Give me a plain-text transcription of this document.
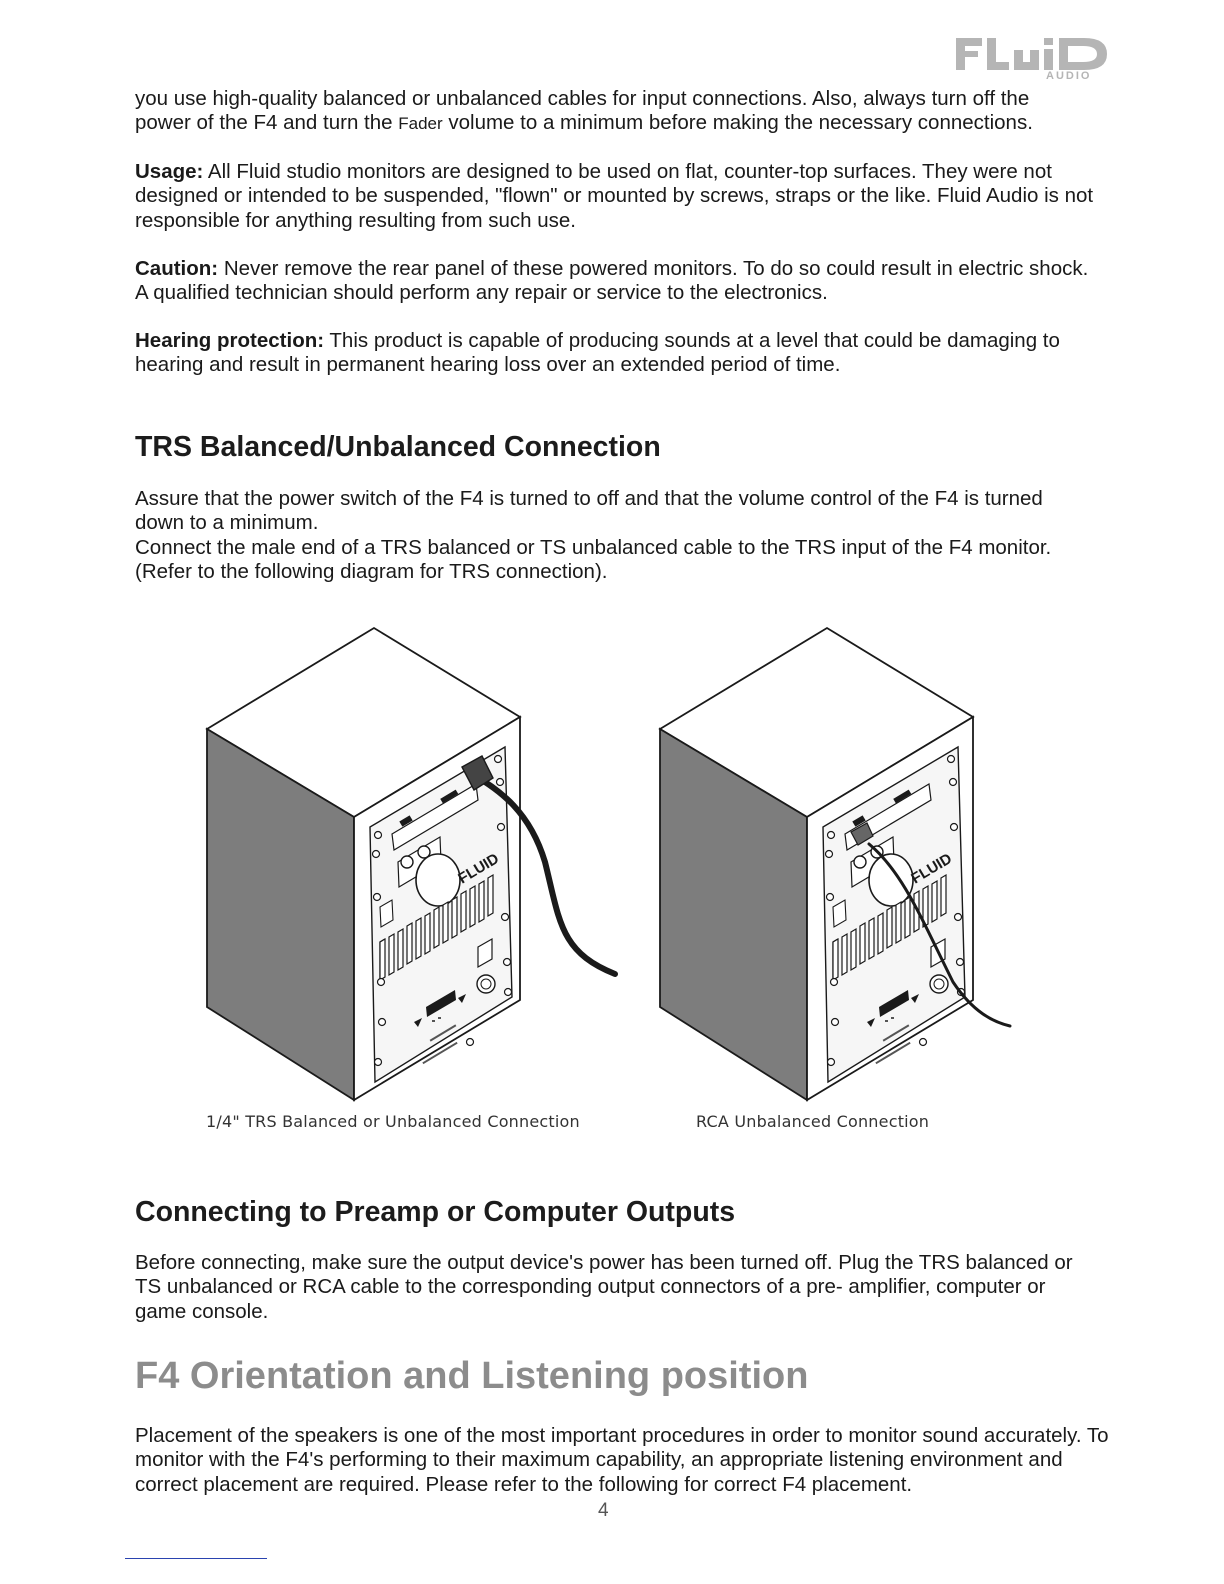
AUDIO

you use high-quality balanced or unbalanced cables for input connections. Also, always turn off the
power of the F4 and turn the Fader volume to a minimum before making the necessary connections.

Usage: All Fluid studio monitors are designed to be used on flat, counter-top surfaces. They were not designed or intended to be suspended, "flown" or mounted by screws, straps or the like. Fluid Audio is not responsible for anything resulting from such use.

Caution: Never remove the rear panel of these powered monitors. To do so could result in electric shock. A qualified technician should perform any repair or service to the electronics.

Hearing protection: This product is capable of producing sounds at a level that could be damaging to hearing and result in permanent hearing loss over an extended period of time.

TRS Balanced/Unbalanced Connection

Assure that the power switch of the F4 is turned to off and that the volume control of the F4 is turned down to a minimum.
Connect the male end of a TRS balanced or TS unbalanced cable to the TRS input of the F4 monitor.
(Refer to the following diagram for TRS connection).

1/4" TRS Balanced or Unbalanced Connection	RCA Unbalanced Connection
Connecting to Preamp or Computer Outputs

Before connecting, make sure the output device's power has been turned off. Plug the TRS balanced or TS unbalanced or RCA cable to the corresponding output connectors of a pre- amplifier, computer or game console.

F4 Orientation and Listening position

Placement of the speakers is one of the most important procedures in order to monitor sound accurately. To monitor with the F4's performing to their maximum capability, an appropriate listening environment and correct placement are required. Please refer to the following for correct F4 placement.

4
